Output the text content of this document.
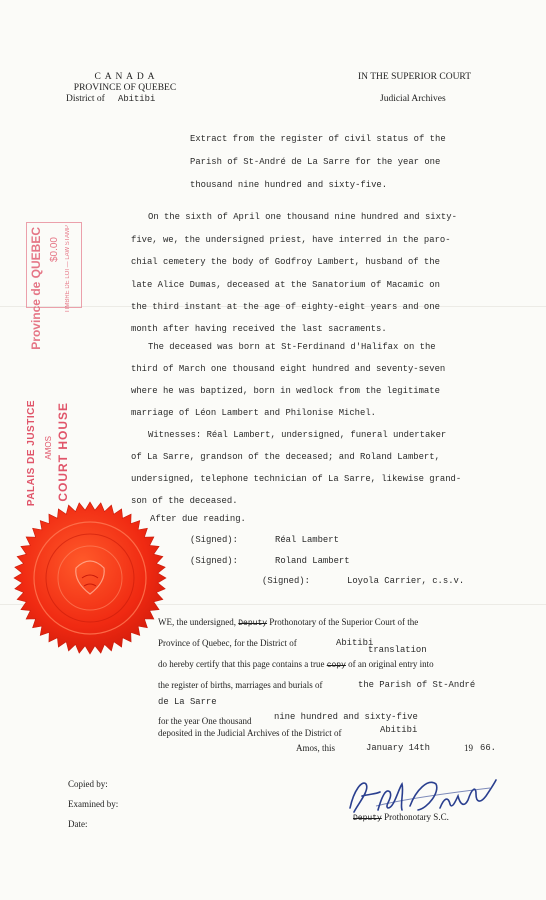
C A N A D A
PROVINCE OF QUEBEC
District of Abitibi
IN THE SUPERIOR COURT
Judicial Archives
Extract from the register of civil status of the
Parish of St-André de La Sarre for the year one
thousand nine hundred and sixty-five.
On the sixth of April one thousand nine hundred and sixty-
five, we, the undersigned priest, have interred in the paro-
chial cemetery the body of Godfroy Lambert, husband of the
late Alice Dumas, deceased at the Sanatorium of Macamic on
the third instant at the age of eighty-eight years and one
month after having received the last sacraments.
The deceased was born at St-Ferdinand d'Halifax on the
third of March one thousand eight hundred and seventy-seven
where he was baptized, born in wedlock from the legitimate
marriage of Léon Lambert and Philonise Michel.
Witnesses: Réal Lambert, undersigned, funeral undertaker
of La Sarre, grandson of the deceased; and Roland Lambert,
undersigned, telephone technician of La Sarre, likewise grand-
son of the deceased.
After due reading.
(Signed):	Réal Lambert
(Signed):	Roland Lambert
(Signed):	Loyola Carrier, c.s.v.
WE, the undersigned, Deputy Prothonotary of the Superior Court of the
Province of Quebec, for the District of	Abitibi
translation
do hereby certify that this page contains a true copy of an original entry into
the register of births, marriages and burials of	the Parish of St-André
de La Sarre
for the year One thousand	nine hundred and sixty-five
deposited in the Judicial Archives of the District of	Abitibi
Amos, this	January 14th	19 66.
Copied by:
Examined by:
Date:
Deputy Prothonotary S.C.
Province de QUEBEC $0.00 TIMBRE DE LOI — LAW STAMP
PALAIS DE JUSTICE AMOS COURT HOUSE
